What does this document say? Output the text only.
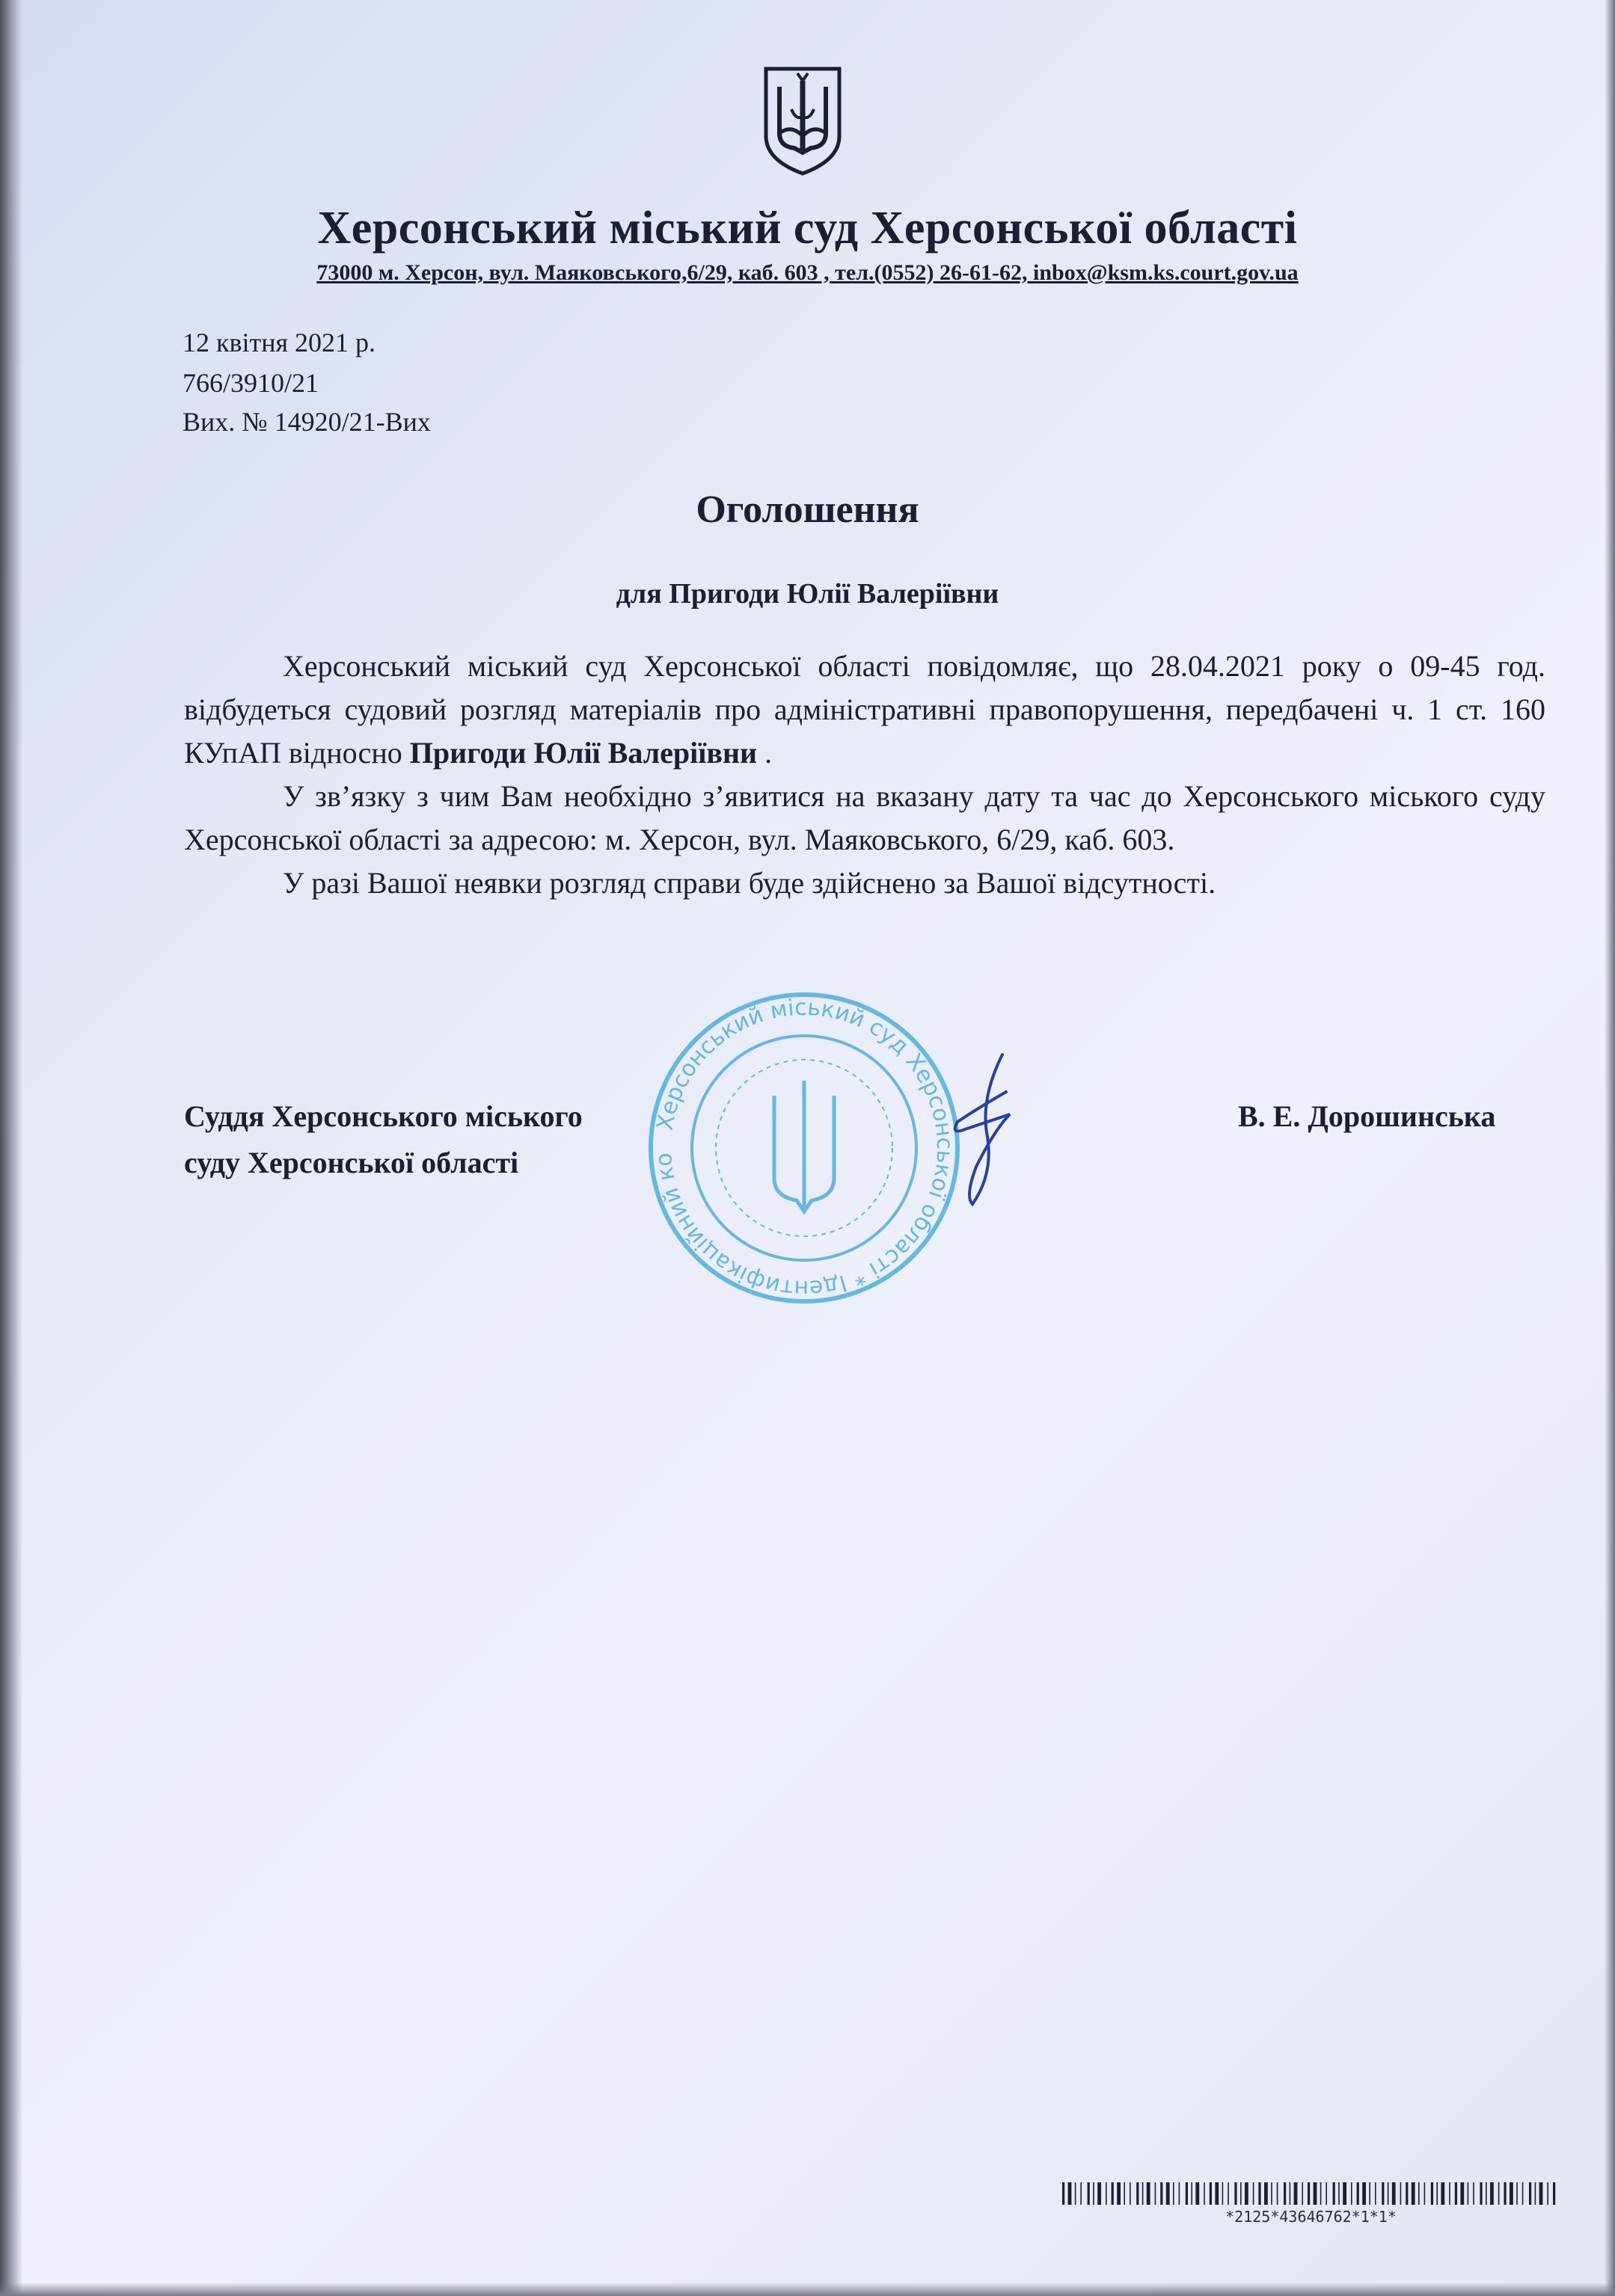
Херсонський міський суд Херсонської області
73000 м. Херсон, вул. Маяковського,6/29, каб. 603 , тел.(0552) 26-61-62, inbox@ksm.ks.court.gov.ua
12 квітня 2021 р.
766/3910/21
Вих. № 14920/21-Вих
Оголошення
для Пригоди Юлії Валеріївни

Херсонський міський суд Херсонської області повідомляє, що 28.04.2021 року о 09-45 год. відбудеться судовий розгляд матеріалів про адміністративні правопорушення, передбачені ч. 1 ст. 160 КУпАП відносно Пригоди Юлії Валеріївни .

У зв’язку з чим Вам необхідно з’явитися на вказану дату та час до Херсонського міського суду Херсонської області за адресою: м. Херсон, вул. Маяковського, 6/29, каб. 603.

У разі Вашої неявки розгляд справи буде здійснено за Вашої відсутності.

Херсонський міський суд Херсонської області * Ідентифікаційний ко
Суддя Херсонського міського
суду Херсонської області
В. Е. Дорошинська
*2125*43646762*1*1*
